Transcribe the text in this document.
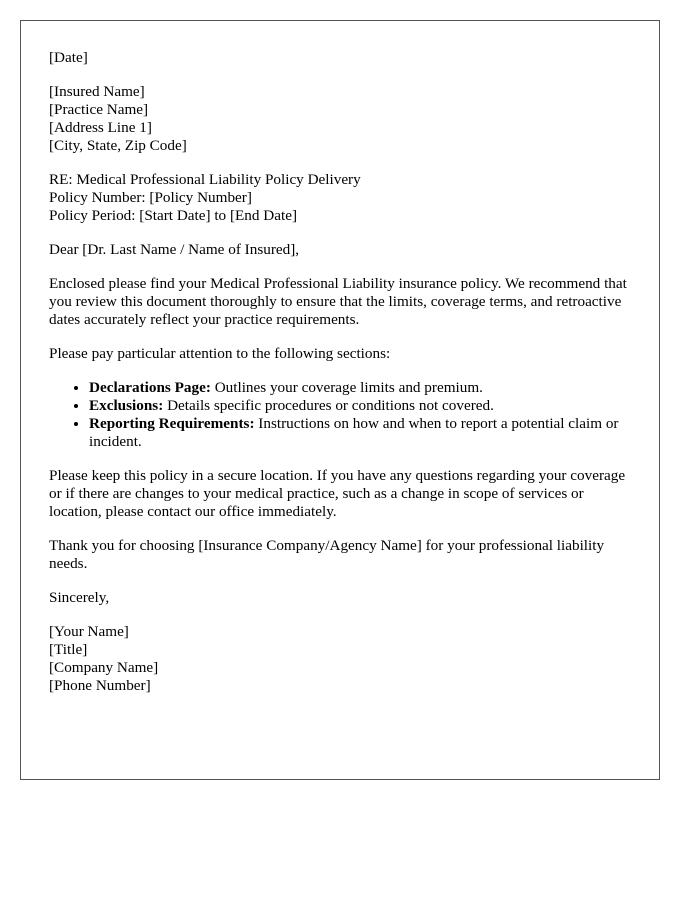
[Date]
[Insured Name]
[Practice Name]
[Address Line 1]
[City, State, Zip Code]
RE: Medical Professional Liability Policy Delivery
Policy Number: [Policy Number]
Policy Period: [Start Date] to [End Date]
Dear [Dr. Last Name / Name of Insured],
Enclosed please find your Medical Professional Liability insurance policy. We recommend that you review this document thoroughly to ensure that the limits, coverage terms, and retroactive dates accurately reflect your practice requirements.
Please pay particular attention to the following sections:
• Declarations Page: Outlines your coverage limits and premium.
• Exclusions: Details specific procedures or conditions not covered.
• Reporting Requirements: Instructions on how and when to report a potential claim or incident.
Please keep this policy in a secure location. If you have any questions regarding your coverage or if there are changes to your medical practice, such as a change in scope of services or location, please contact our office immediately.
Thank you for choosing [Insurance Company/Agency Name] for your professional liability needs.
Sincerely,
[Your Name]
[Title]
[Company Name]
[Phone Number]
